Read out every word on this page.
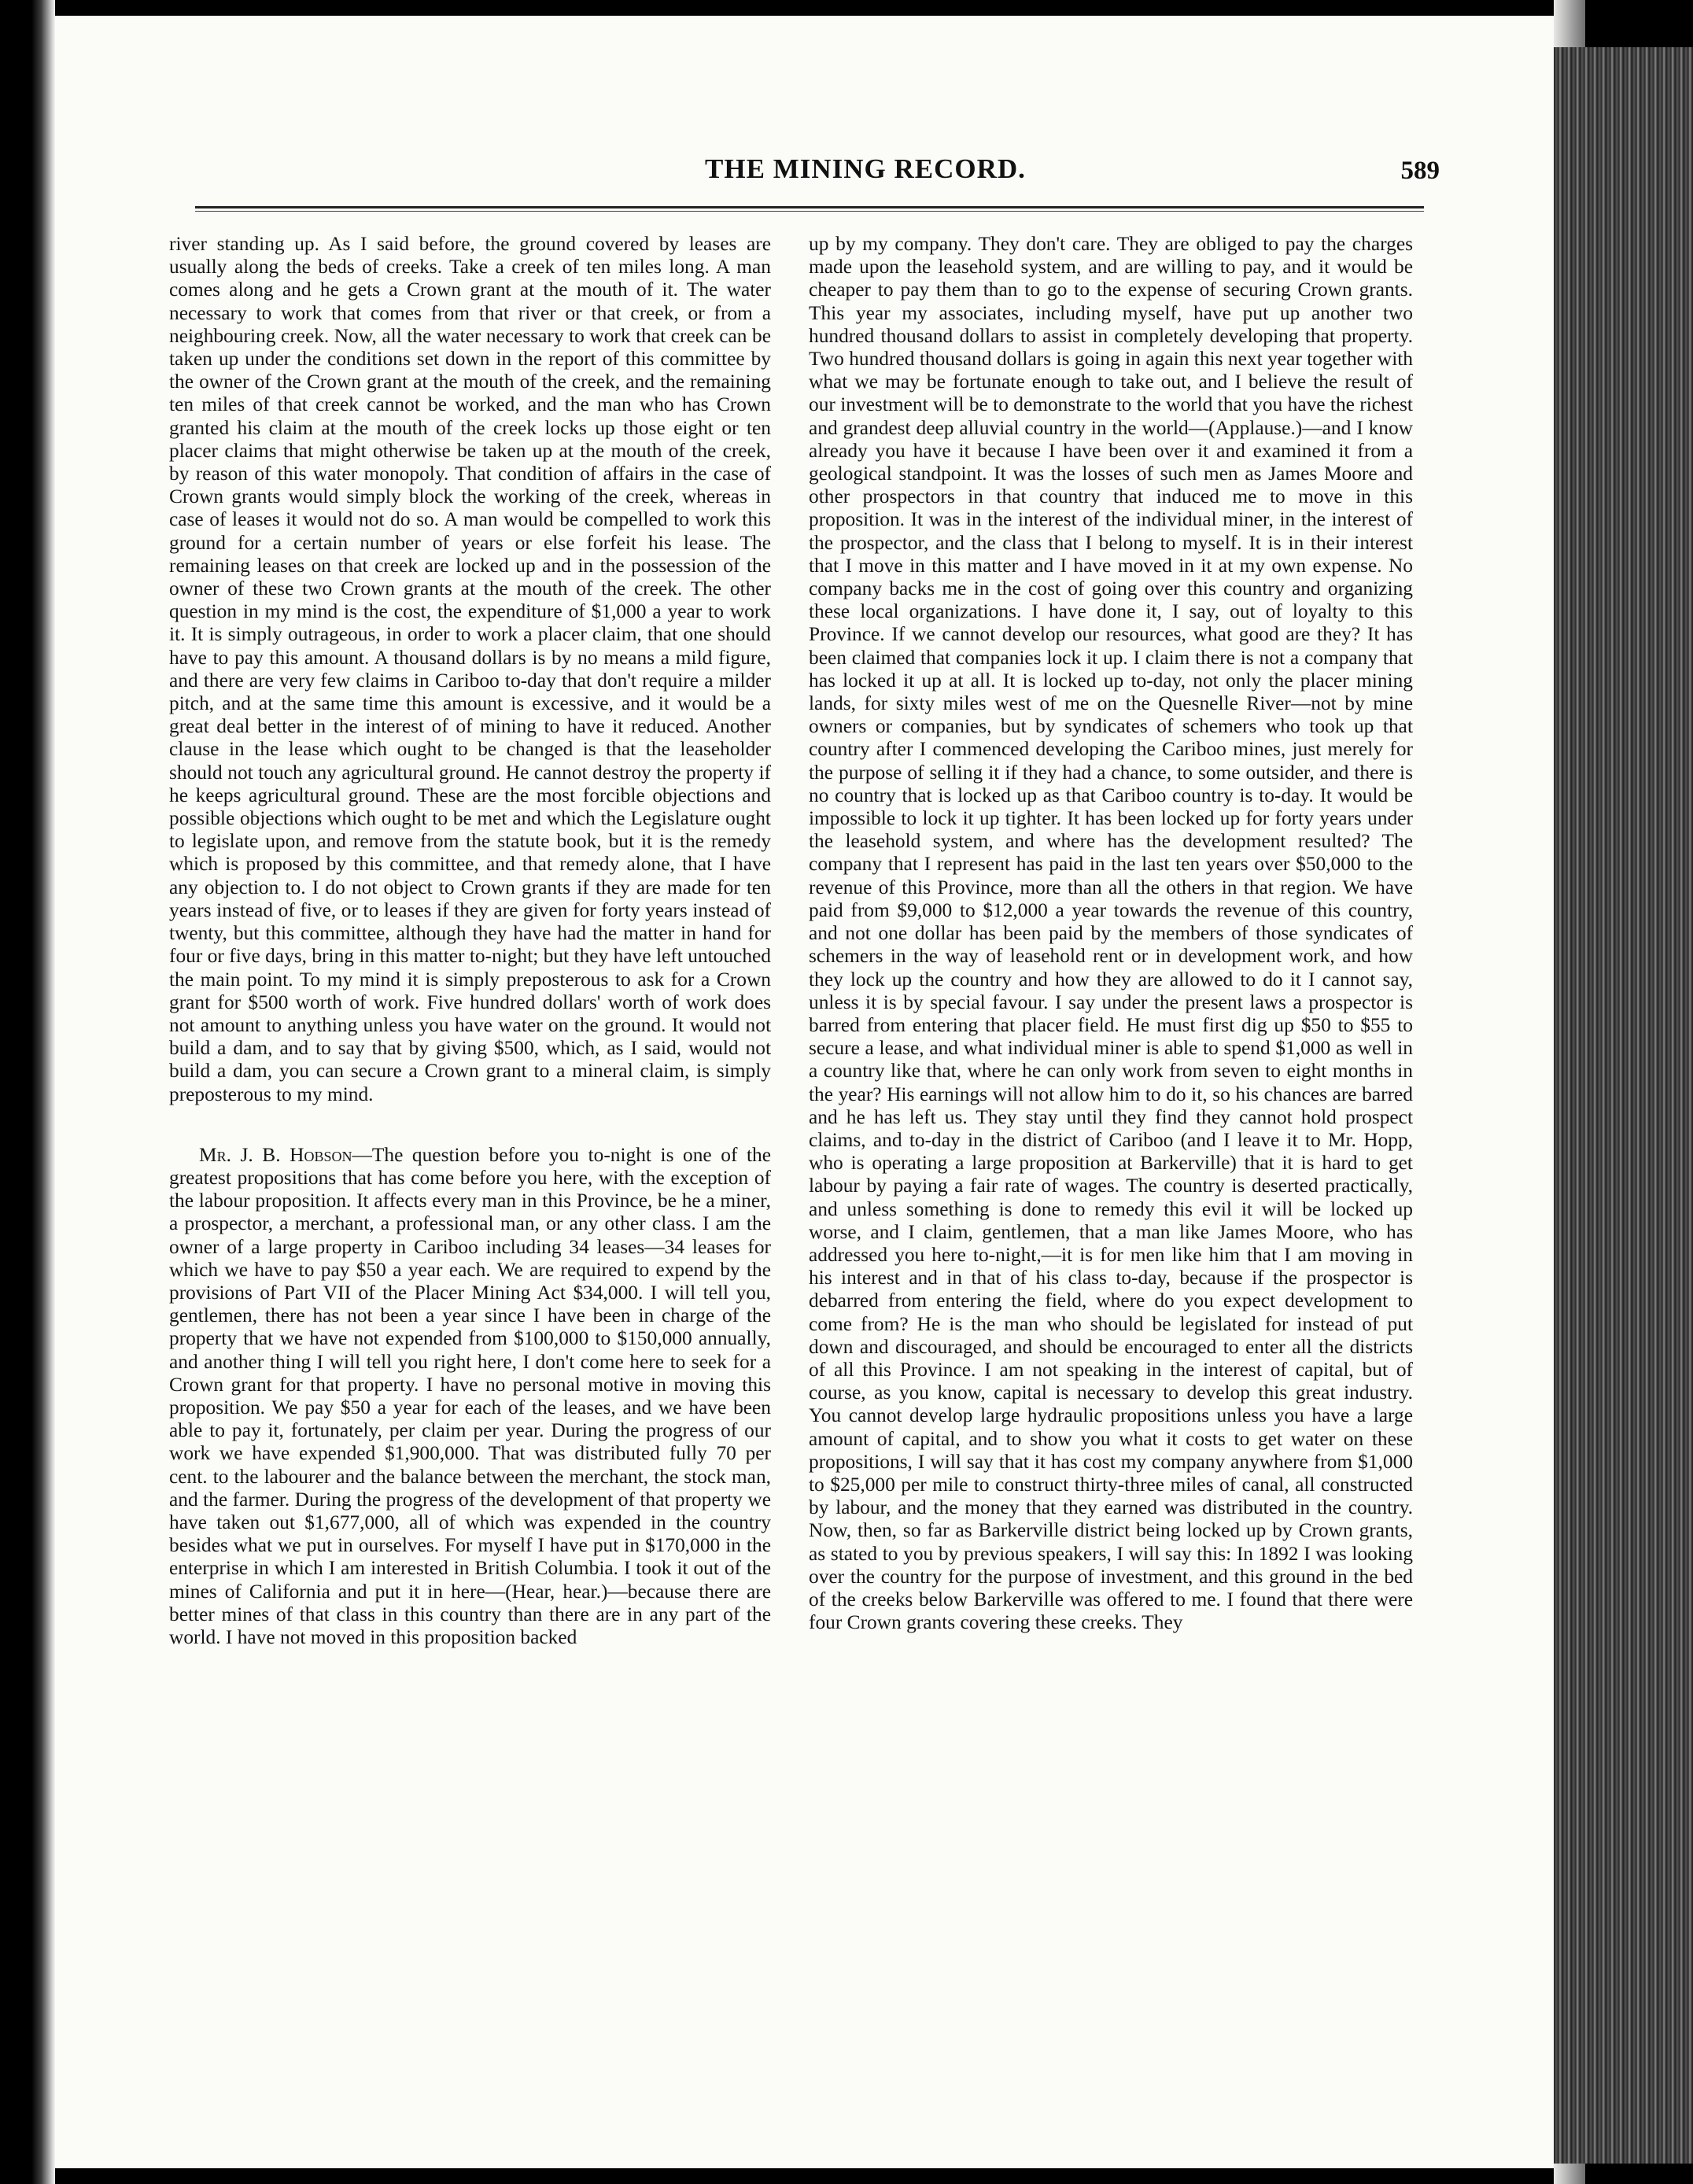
THE MINING RECORD.	589

river standing up. As I said before, the ground covered by leases are usually along the beds of creeks. Take a creek of ten miles long. A man comes along and he gets a Crown grant at the mouth of it. The water necessary to work that comes from that river or that creek, or from a neighbouring creek. Now, all the water necessary to work that creek can be taken up under the conditions set down in the report of this committee by the owner of the Crown grant at the mouth of the creek, and the remaining ten miles of that creek cannot be worked, and the man who has Crown granted his claim at the mouth of the creek locks up those eight or ten placer claims that might otherwise be taken up at the mouth of the creek, by reason of this water monopoly. That condition of affairs in the case of Crown grants would simply block the working of the creek, whereas in case of leases it would not do so. A man would be compelled to work this ground for a certain number of years or else forfeit his lease. The remaining leases on that creek are locked up and in the possession of the owner of these two Crown grants at the mouth of the creek. The other question in my mind is the cost, the expenditure of $1,000 a year to work it. It is simply outrageous, in order to work a placer claim, that one should have to pay this amount. A thousand dollars is by no means a mild figure, and there are very few claims in Cariboo to-day that don't require a milder pitch, and at the same time this amount is excessive, and it would be a great deal better in the interest of of mining to have it reduced. Another clause in the lease which ought to be changed is that the leaseholder should not touch any agricultural ground. He cannot destroy the property if he keeps agricultural ground. These are the most forcible objections and possible objections which ought to be met and which the Legislature ought to legislate upon, and remove from the statute book, but it is the remedy which is proposed by this committee, and that remedy alone, that I have any objection to. I do not object to Crown grants if they are made for ten years instead of five, or to leases if they are given for forty years instead of twenty, but this committee, although they have had the matter in hand for four or five days, bring in this matter to-night; but they have left untouched the main point. To my mind it is simply preposterous to ask for a Crown grant for $500 worth of work. Five hundred dollars' worth of work does not amount to anything unless you have water on the ground. It would not build a dam, and to say that by giving $500, which, as I said, would not build a dam, you can secure a Crown grant to a mineral claim, is simply preposterous to my mind.

Mr. J. B. Hobson—The question before you to-night is one of the greatest propositions that has come before you here, with the exception of the labour proposition. It affects every man in this Province, be he a miner, a prospector, a merchant, a professional man, or any other class. I am the owner of a large property in Cariboo including 34 leases—34 leases for which we have to pay $50 a year each. We are required to expend by the provisions of Part VII of the Placer Mining Act $34,000. I will tell you, gentlemen, there has not been a year since I have been in charge of the property that we have not expended from $100,000 to $150,000 annually, and another thing I will tell you right here, I don't come here to seek for a Crown grant for that property. I have no personal motive in moving this proposition. We pay $50 a year for each of the leases, and we have been able to pay it, fortunately, per claim per year. During the progress of our work we have expended $1,900,000. That was distributed fully 70 per cent. to the labourer and the balance between the merchant, the stock man, and the farmer. During the progress of the development of that property we have taken out $1,677,000, all of which was expended in the country besides what we put in ourselves. For myself I have put in $170,000 in the enterprise in which I am interested in British Columbia. I took it out of the mines of California and put it in here—(Hear, hear.)—because there are better mines of that class in this country than there are in any part of the world. I have not moved in this proposition backed

up by my company. They don't care. They are obliged to pay the charges made upon the leasehold system, and are willing to pay, and it would be cheaper to pay them than to go to the expense of securing Crown grants. This year my associates, including myself, have put up another two hundred thousand dollars to assist in completely developing that property. Two hundred thousand dollars is going in again this next year together with what we may be fortunate enough to take out, and I believe the result of our investment will be to demonstrate to the world that you have the richest and grandest deep alluvial country in the world—(Applause.)—and I know already you have it because I have been over it and examined it from a geological standpoint. It was the losses of such men as James Moore and other prospectors in that country that induced me to move in this proposition. It was in the interest of the individual miner, in the interest of the prospector, and the class that I belong to myself. It is in their interest that I move in this matter and I have moved in it at my own expense. No company backs me in the cost of going over this country and organizing these local organizations. I have done it, I say, out of loyalty to this Province. If we cannot develop our resources, what good are they? It has been claimed that companies lock it up. I claim there is not a company that has locked it up at all. It is locked up to-day, not only the placer mining lands, for sixty miles west of me on the Quesnelle River—not by mine owners or companies, but by syndicates of schemers who took up that country after I commenced developing the Cariboo mines, just merely for the purpose of selling it if they had a chance, to some outsider, and there is no country that is locked up as that Cariboo country is to-day. It would be impossible to lock it up tighter. It has been locked up for forty years under the leasehold system, and where has the development resulted? The company that I represent has paid in the last ten years over $50,000 to the revenue of this Province, more than all the others in that region. We have paid from $9,000 to $12,000 a year towards the revenue of this country, and not one dollar has been paid by the members of those syndicates of schemers in the way of leasehold rent or in development work, and how they lock up the country and how they are allowed to do it I cannot say, unless it is by special favour. I say under the present laws a prospector is barred from entering that placer field. He must first dig up $50 to $55 to secure a lease, and what individual miner is able to spend $1,000 as well in a country like that, where he can only work from seven to eight months in the year? His earnings will not allow him to do it, so his chances are barred and he has left us. They stay until they find they cannot hold prospect claims, and to-day in the district of Cariboo (and I leave it to Mr. Hopp, who is operating a large proposition at Barkerville) that it is hard to get labour by paying a fair rate of wages. The country is deserted practically, and unless something is done to remedy this evil it will be locked up worse, and I claim, gentlemen, that a man like James Moore, who has addressed you here to-night,—it is for men like him that I am moving in his interest and in that of his class to-day, because if the prospector is debarred from entering the field, where do you expect development to come from? He is the man who should be legislated for instead of put down and discouraged, and should be encouraged to enter all the districts of all this Province. I am not speaking in the interest of capital, but of course, as you know, capital is necessary to develop this great industry. You cannot develop large hydraulic propositions unless you have a large amount of capital, and to show you what it costs to get water on these propositions, I will say that it has cost my company anywhere from $1,000 to $25,000 per mile to construct thirty-three miles of canal, all constructed by labour, and the money that they earned was distributed in the country. Now, then, so far as Barkerville district being locked up by Crown grants, as stated to you by previous speakers, I will say this: In 1892 I was looking over the country for the purpose of investment, and this ground in the bed of the creeks below Barkerville was offered to me. I found that there were four Crown grants covering these creeks. They
